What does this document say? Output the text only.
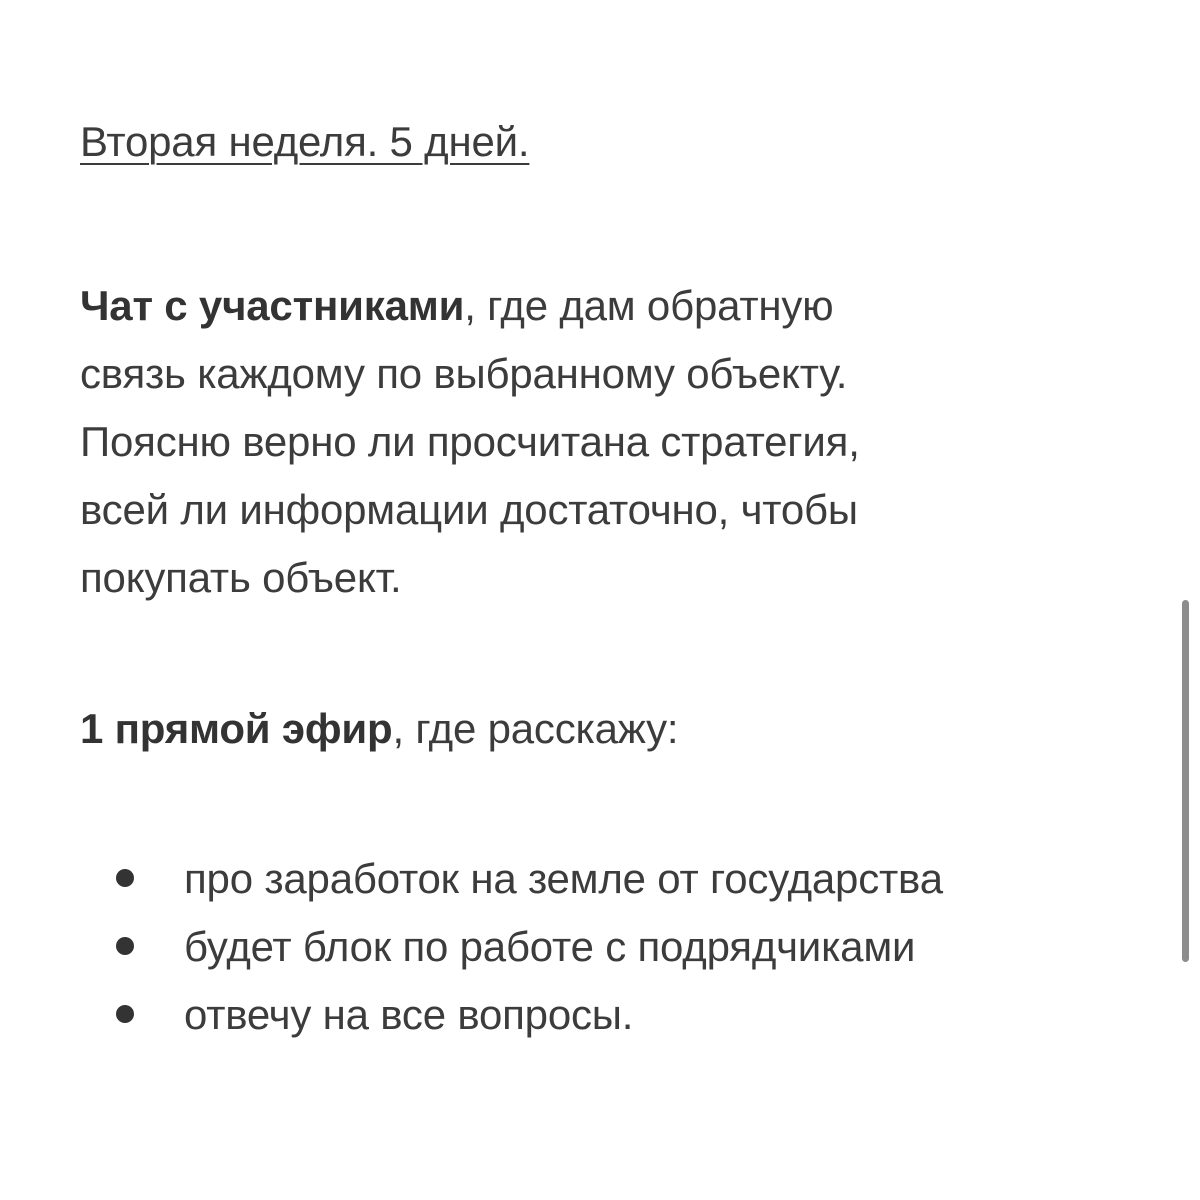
Вторая неделя. 5 дней.

Чат с участниками, где дам обратную
связь каждому по выбранному объекту.
Поясню верно ли просчитана стратегия,
всей ли информации достаточно, чтобы
покупать объект.

1 прямой эфир, где расскажу:

про заработок на земле от государства
будет блок по работе с подрядчиками
отвечу на все вопросы.
